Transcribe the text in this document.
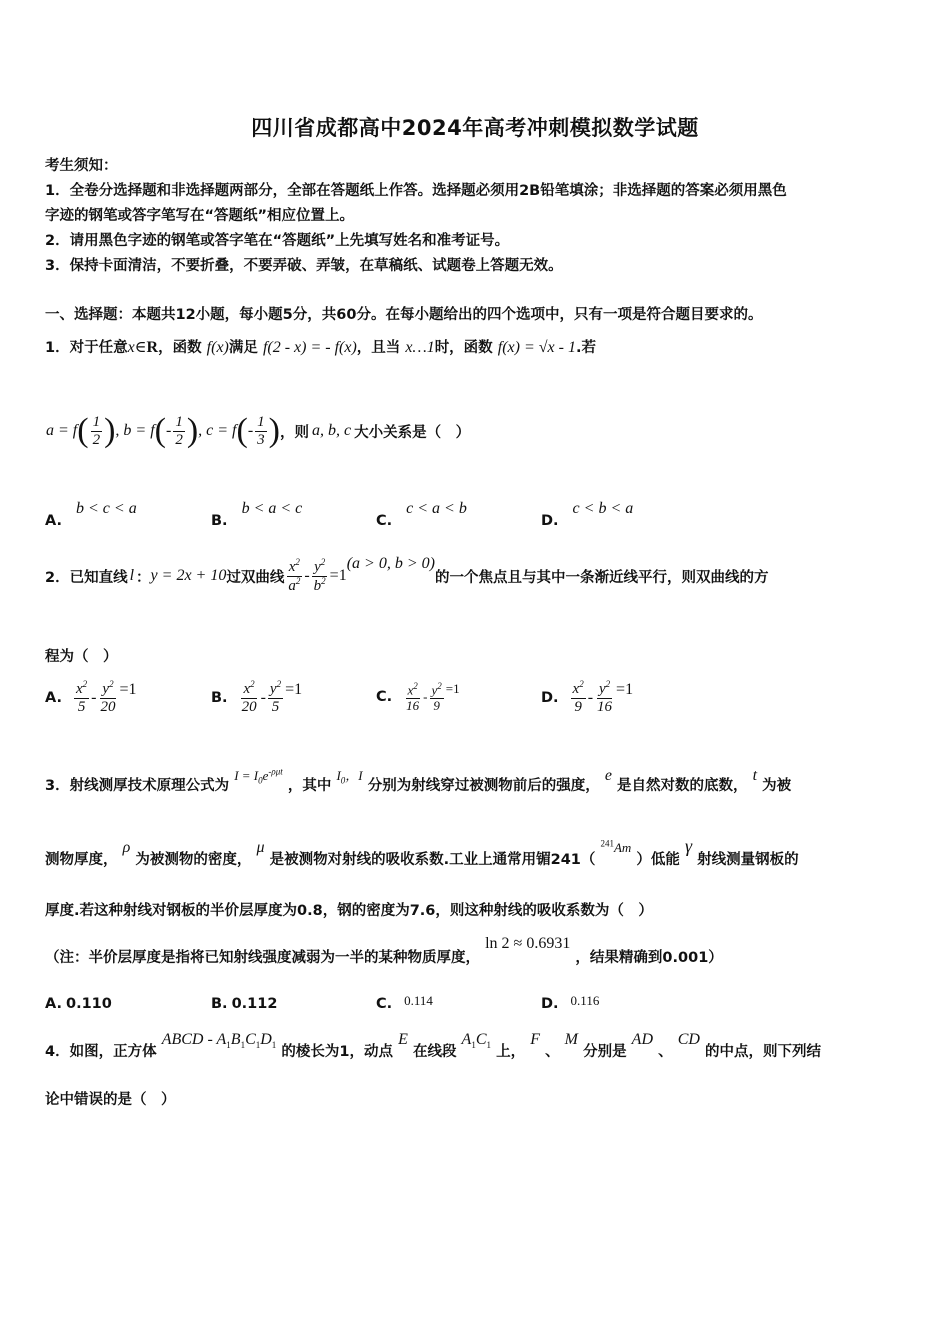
四川省成都高中2024年高考冲刺模拟数学试题
考生须知：
1．全卷分选择题和非选择题两部分，全部在答题纸上作答。选择题必须用2B铅笔填涂；非选择题的答案必须用黑色
字迹的钢笔或答字笔写在“答题纸”相应位置上。
2．请用黑色字迹的钢笔或答字笔在“答题纸”上先填写姓名和准考证号。
3．保持卡面清洁，不要折叠，不要弄破、弄皱，在草稿纸、试题卷上答题无效。
一、选择题：本题共12小题，每小题5分，共60分。在每小题给出的四个选项中，只有一项是符合题目要求的。
1．对于任意x∈R，函数 f(x)满足 f(2 - x) = - f(x)，且当 x…1时，函数 f(x) = √x - 1.若
a = f ( $\frac{1}{2}$ ) , b = f ( - $\frac{1}{2}$ ) , c = f ( - $\frac{1}{3}$ ) ，则 a, b, c 大小关系是（　）
A.b < c < a
B.b < a < c
C.c < a < b
D.c < b < a
2．已知直线 l ： y = 2x + 10 过双曲线 $\frac{x^2}{a^2} - \frac{y^2}{b^2} =1$
(a > 0, b > 0)
的一个焦点且与其中一条渐近线平行，则双曲线的方
程为（　）
A. $\frac{x^2}{5} - \frac{y^2}{20} =1$	B. $\frac{x^2}{20} - \frac{y^2}{5} =1$	C. $\frac{x^2}{16} - \frac{y^2}{9} =1$
D. $\frac{x^2}{9} - \frac{y^2}{16} =1$
3．射线测厚技术原理公式为 $I = I_0e^{-\rho\mu t}$ ，其中 $I_0$，I 分别为射线穿过被测物前后的强度， e 是自然对数的底数， t 为被
测物厚度， ρ 为被测物的密度， μ 是被测物对射线的吸收系数.工业上通常用镅241（ $^{241}$Am ）低能 γ 射线测量钢板的
厚度.若这种射线对钢板的半价层厚度为0.8，钢的密度为7.6，则这种射线的吸收系数为（　）
（注：半价层厚度是指将已知射线强度减弱为一半的某种物质厚度， ln 2 ≈ 0.6931 ，结果精确到0.001）
A. 0.110	B. 0.112	C. 0.114	D. 0.116
4．如图，正方体 ABCD - $A_1B_1C_1D_1$ 的棱长为1，动点 E 在线段 $A_1C_1$ 上， F 、 M 分别是 AD 、 CD 的中点，则下列结
论中错误的是（　）
